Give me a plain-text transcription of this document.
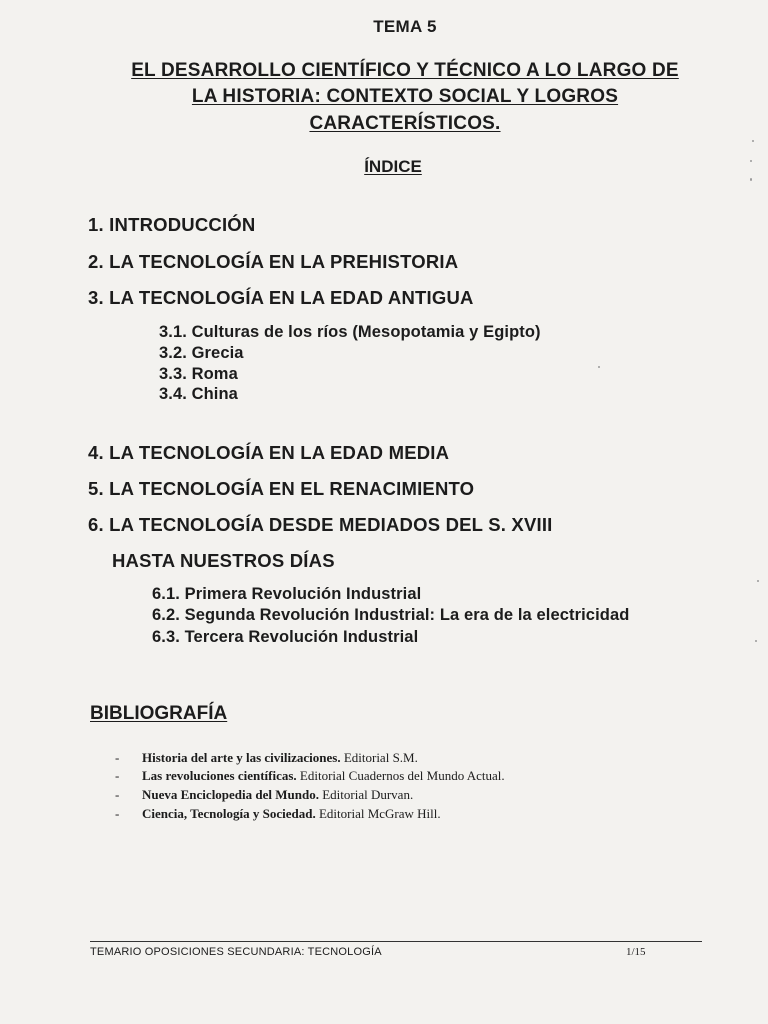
TEMA 5
EL DESARROLLO CIENTÍFICO Y TÉCNICO A LO LARGO DE
LA HISTORIA: CONTEXTO SOCIAL Y LOGROS
CARACTERÍSTICOS.
ÍNDICE
1. INTRODUCCIÓN
2. LA TECNOLOGÍA EN LA PREHISTORIA
3. LA TECNOLOGÍA EN LA EDAD ANTIGUA
3.1. Culturas de los ríos (Mesopotamia y Egipto)
3.2. Grecia
3.3. Roma
3.4. China
4. LA TECNOLOGÍA EN LA EDAD MEDIA
5. LA TECNOLOGÍA EN EL RENACIMIENTO
6. LA TECNOLOGÍA DESDE MEDIADOS DEL S. XVIII
HASTA NUESTROS DÍAS
6.1. Primera Revolución Industrial
6.2. Segunda Revolución Industrial: La era de la electricidad
6.3. Tercera Revolución Industrial
BIBLIOGRAFÍA
- Historia del arte y las civilizaciones. Editorial S.M.
- Las revoluciones científicas. Editorial Cuadernos del Mundo Actual.
- Nueva Enciclopedia del Mundo. Editorial Durvan.
- Ciencia, Tecnología y Sociedad. Editorial McGraw Hill.
TEMARIO OPOSICIONES SECUNDARIA: TECNOLOGÍA	1/15
